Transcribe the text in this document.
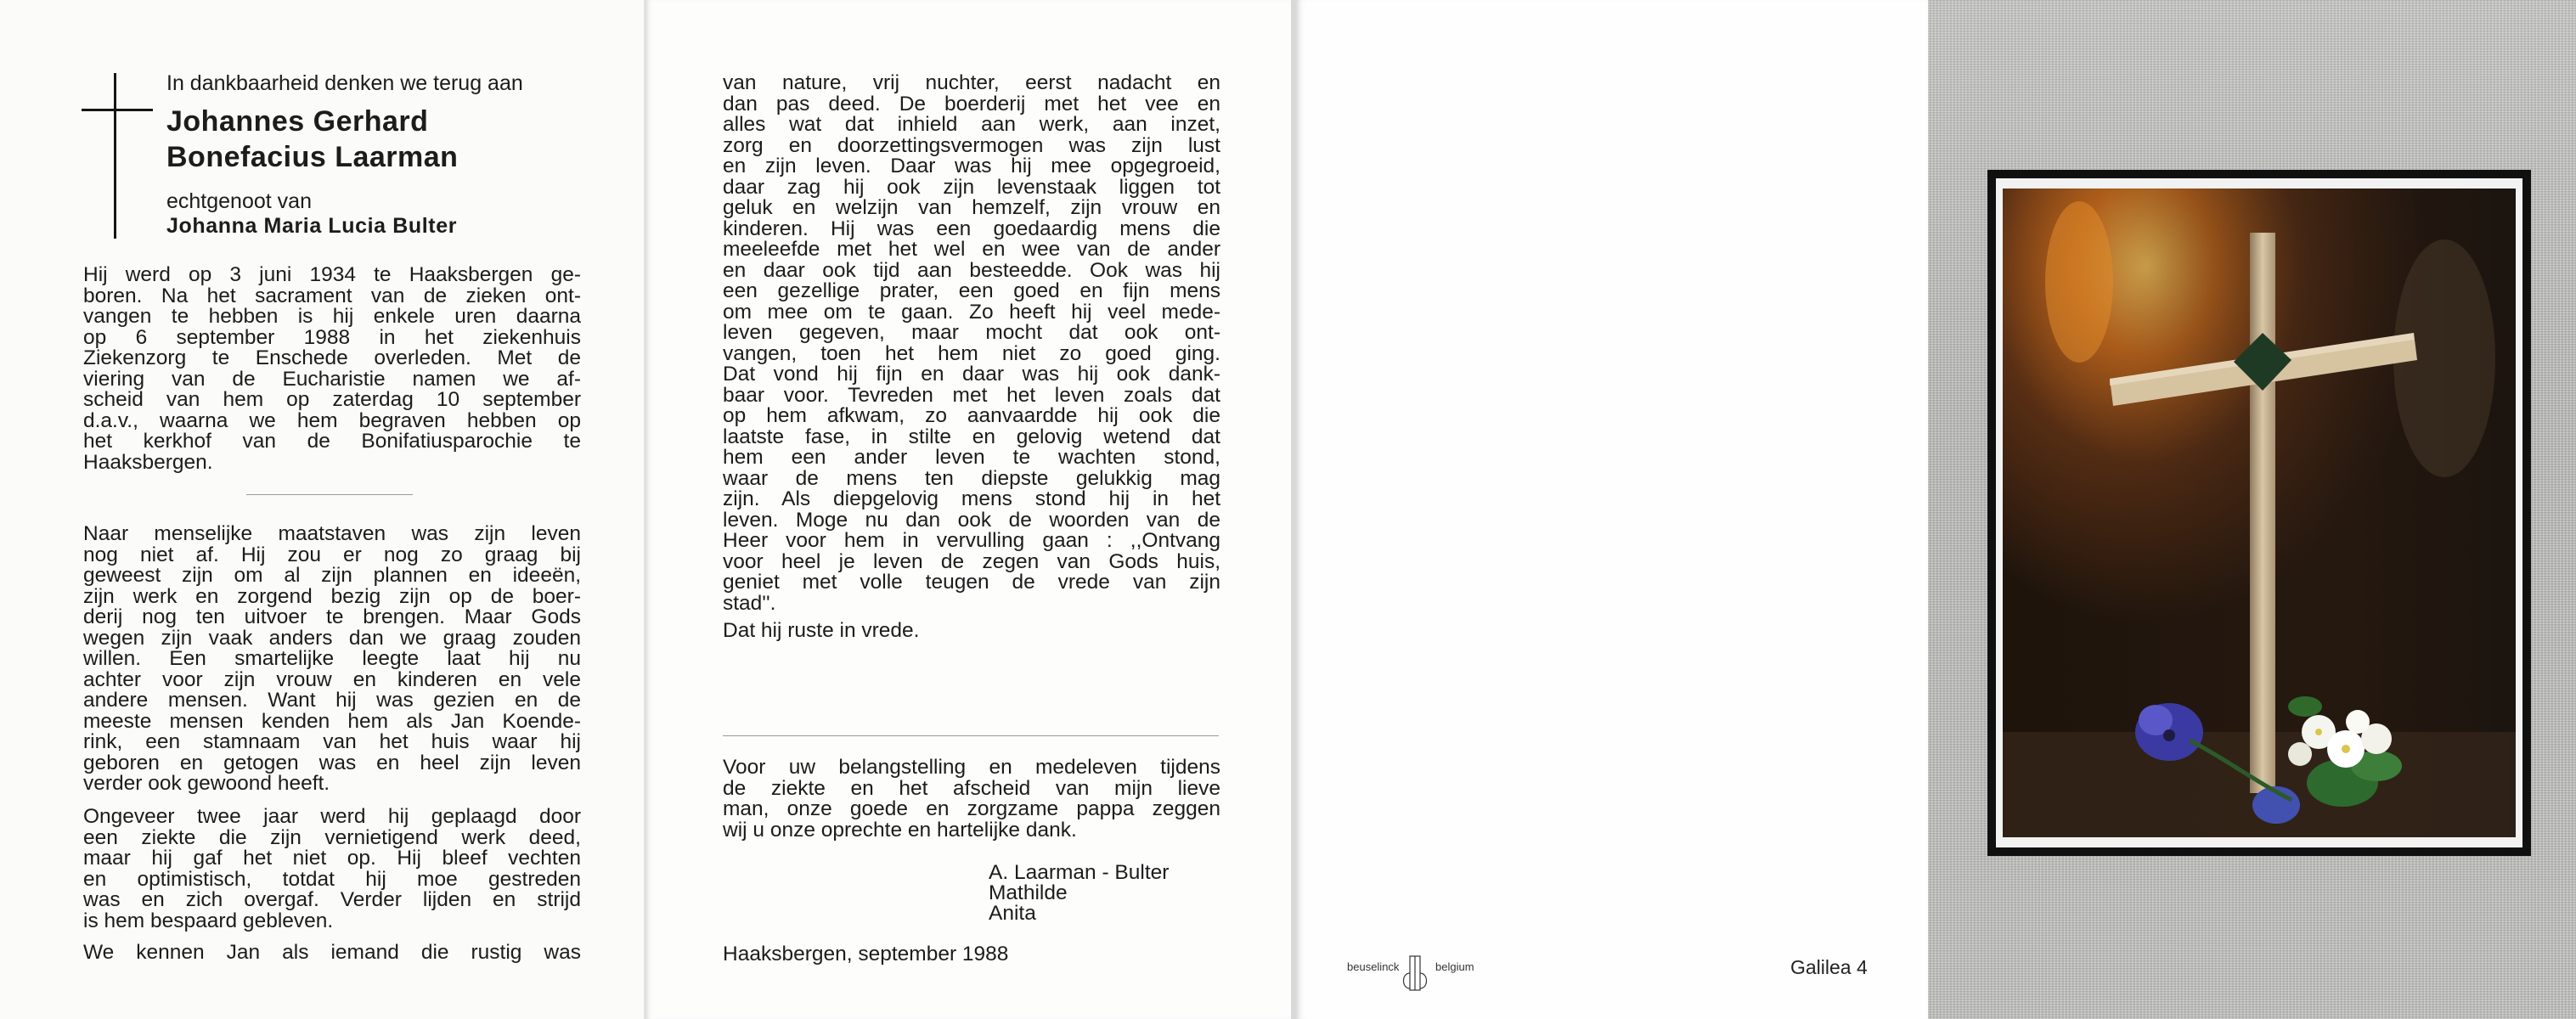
In dankbaarheid denken we terug aan

Johannes Gerhard
Bonefacius Laarman

echtgenoot van

Johanna Maria Lucia Bulter

Hij werd op 3 juni 1934 te Haaksbergen ge-
boren. Na het sacrament van de zieken ont-
vangen te hebben is hij enkele uren daarna
op 6 september 1988 in het ziekenhuis
Ziekenzorg te Enschede overleden. Met de
viering van de Eucharistie namen we af-
scheid van hem op zaterdag 10 september
d.a.v., waarna we hem begraven hebben op
het kerkhof van de Bonifatiusparochie te
Haaksbergen.
Naar menselijke maatstaven was zijn leven
nog niet af. Hij zou er nog zo graag bij
geweest zijn om al zijn plannen en ideeën,
zijn werk en zorgend bezig zijn op de boer-
derij nog ten uitvoer te brengen. Maar Gods
wegen zijn vaak anders dan we graag zouden
willen. Een smartelijke leegte laat hij nu
achter voor zijn vrouw en kinderen en vele
andere mensen. Want hij was gezien en de
meeste mensen kenden hem als Jan Koende-
rink, een stamnaam van het huis waar hij
geboren en getogen was en heel zijn leven
verder ook gewoond heeft.
Ongeveer twee jaar werd hij geplaagd door
een ziekte die zijn vernietigend werk deed,
maar hij gaf het niet op. Hij bleef vechten
en optimistisch, totdat hij moe gestreden
was en zich overgaf. Verder lijden en strijd
is hem bespaard gebleven.
We kennen Jan als iemand die rustig was
van nature, vrij nuchter, eerst nadacht en
dan pas deed. De boerderij met het vee en
alles wat dat inhield aan werk, aan inzet,
zorg en doorzettingsvermogen was zijn lust
en zijn leven. Daar was hij mee opgegroeid,
daar zag hij ook zijn levenstaak liggen tot
geluk en welzijn van hemzelf, zijn vrouw en
kinderen. Hij was een goedaardig mens die
meeleefde met het wel en wee van de ander
en daar ook tijd aan besteedde. Ook was hij
een gezellige prater, een goed en fijn mens
om mee om te gaan. Zo heeft hij veel mede-
leven gegeven, maar mocht dat ook ont-
vangen, toen het hem niet zo goed ging.
Dat vond hij fijn en daar was hij ook dank-
baar voor. Tevreden met het leven zoals dat
op hem afkwam, zo aanvaardde hij ook die
laatste fase, in stilte en gelovig wetend dat
hem een ander leven te wachten stond,
waar de mens ten diepste gelukkig mag
zijn. Als diepgelovig mens stond hij in het
leven. Moge nu dan ook de woorden van de
Heer voor hem in vervulling gaan : ,,Ontvang
voor heel je leven de zegen van Gods huis,
geniet met volle teugen de vrede van zijn
stad''.

Dat hij ruste in vrede.

Voor uw belangstelling en medeleven tijdens
de ziekte en het afscheid van mijn lieve
man, onze goede en zorgzame pappa zeggen
wij u onze oprechte en hartelijke dank.
A. Laarman - Bulter
Mathilde
Anita

Haaksbergen, september 1988

beuselinck	belgium	Galilea 4
